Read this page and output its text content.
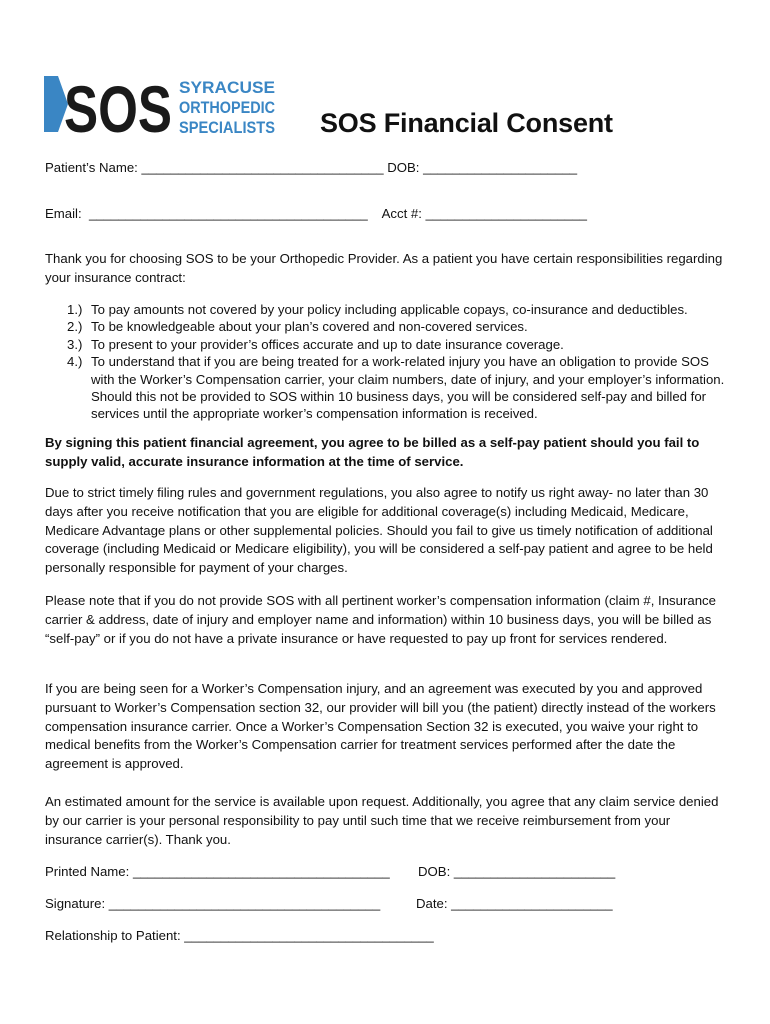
SOS SYRACUSE
ORTHOPEDIC
SPECIALISTS SOS Financial Consent
Patient’s Name: _________________________________ DOB: _____________________
Email:  ______________________________________    Acct #: ______________________

Thank you for choosing SOS to be your Orthopedic Provider. As a patient you have certain responsibilities regarding your insurance contract:

1.) To pay amounts not covered by your policy including applicable copays, co-insurance and deductibles.
2.) To be knowledgeable about your plan’s covered and non-covered services.
3.) To present to your provider’s offices accurate and up to date insurance coverage.
4.) To understand that if you are being treated for a work-related injury you have an obligation to provide SOS with the Worker’s Compensation carrier, your claim numbers, date of injury, and your employer’s information. Should this not be provided to SOS within 10 business days, you will be considered self-pay and billed for services until the appropriate worker’s compensation information is received.

By signing this patient financial agreement, you agree to be billed as a self-pay patient should you fail to supply valid, accurate insurance information at the time of service.

Due to strict timely filing rules and government regulations, you also agree to notify us right away- no later than 30 days after you receive notification that you are eligible for additional coverage(s) including Medicaid, Medicare, Medicare Advantage plans or other supplemental policies. Should you fail to give us timely notification of additional coverage (including Medicaid or Medicare eligibility), you will be considered a self-pay patient and agree to be held personally responsible for payment of your charges.

Please note that if you do not provide SOS with all pertinent worker’s compensation information (claim #, Insurance carrier & address, date of injury and employer name and information) within 10 business days, you will be billed as “self-pay” or if you do not have a private insurance or have requested to pay up front for services rendered.

If you are being seen for a Worker’s Compensation injury, and an agreement was executed by you and approved pursuant to Worker’s Compensation section 32, our provider will bill you (the patient) directly instead of the workers compensation insurance carrier. Once a Worker’s Compensation Section 32 is executed, you waive your right to medical benefits from the Worker’s Compensation carrier for treatment services performed after the date the agreement is approved.

An estimated amount for the service is available upon request. Additionally, you agree that any claim service denied by our carrier is your personal responsibility to pay until such time that we receive reimbursement from your insurance carrier(s). Thank you.

Printed Name: ___________________________________ DOB: ______________________
Signature: _____________________________________	Date: ______________________
Relationship to Patient: __________________________________
